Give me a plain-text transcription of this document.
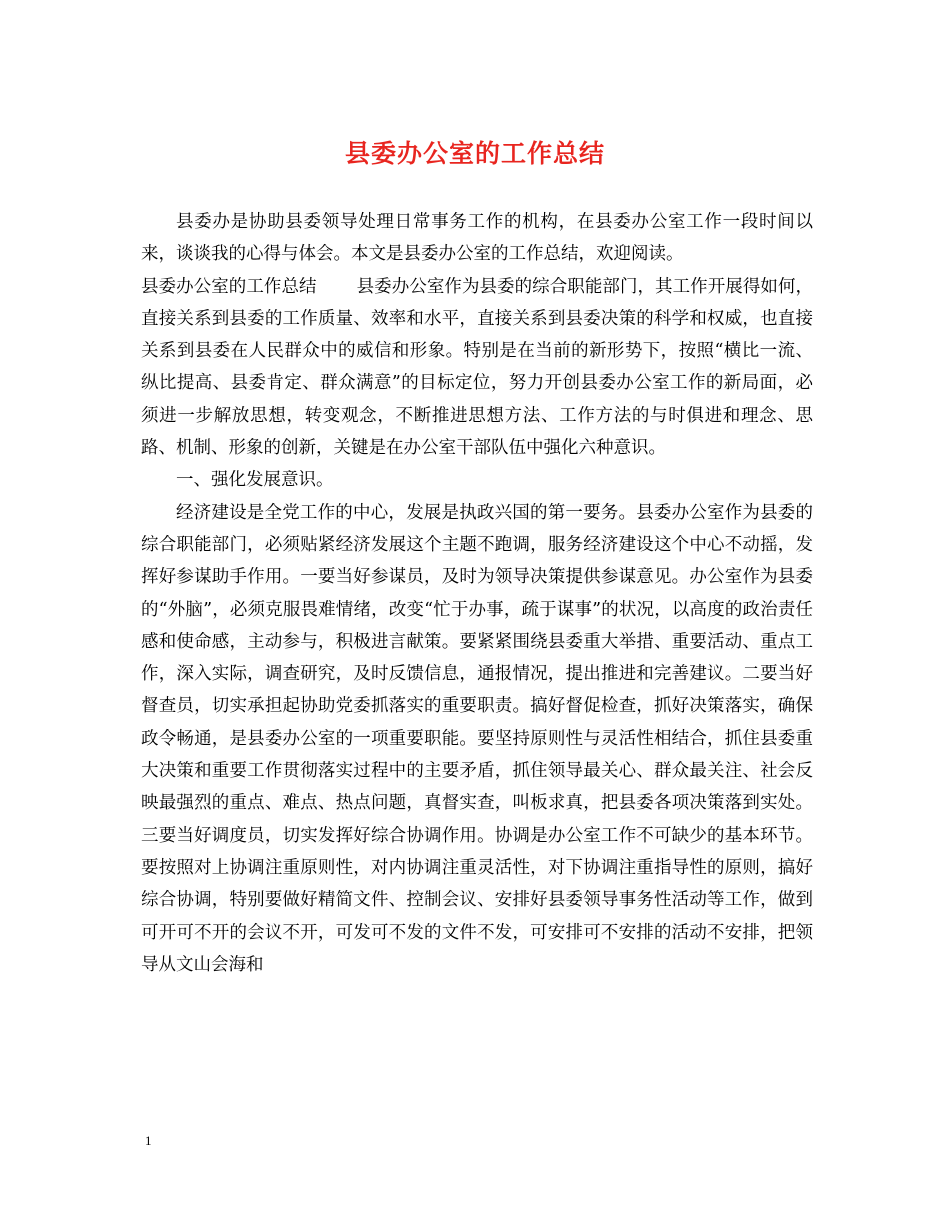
县委办公室的工作总结

县委办是协助县委领导处理日常事务工作的机构，在县委办公室工作一段时间以来，谈谈我的心得与体会。本文是县委办公室的工作总结，欢迎阅读。

县委办公室的工作总结 县委办公室作为县委的综合职能部门，其工作开展得如何，直接关系到县委的工作质量、效率和水平，直接关系到县委决策的科学和权威，也直接关系到县委在人民群众中的威信和形象。特别是在当前的新形势下，按照“横比一流、纵比提高、县委肯定、群众满意”的目标定位，努力开创县委办公室工作的新局面，必须进一步解放思想，转变观念，不断推进思想方法、工作方法的与时俱进和理念、思路、机制、形象的创新，关键是在办公室干部队伍中强化六种意识。

一、强化发展意识。

经济建设是全党工作的中心，发展是执政兴国的第一要务。县委办公室作为县委的综合职能部门，必须贴紧经济发展这个主题不跑调，服务经济建设这个中心不动摇，发挥好参谋助手作用。一要当好参谋员，及时为领导决策提供参谋意见。办公室作为县委的“外脑”，必须克服畏难情绪，改变“忙于办事，疏于谋事”的状况，以高度的政治责任感和使命感，主动参与，积极进言献策。要紧紧围绕县委重大举措、重要活动、重点工作，深入实际，调查研究，及时反馈信息，通报情况，提出推进和完善建议。二要当好督查员，切实承担起协助党委抓落实的重要职责。搞好督促检查，抓好决策落实，确保政令畅通，是县委办公室的一项重要职能。要坚持原则性与灵活性相结合，抓住县委重大决策和重要工作贯彻落实过程中的主要矛盾，抓住领导最关心、群众最关注、社会反映最强烈的重点、难点、热点问题，真督实查，叫板求真，把县委各项决策落到实处。三要当好调度员，切实发挥好综合协调作用。协调是办公室工作不可缺少的基本环节。要按照对上协调注重原则性，对内协调注重灵活性，对下协调注重指导性的原则，搞好综合协调，特别要做好精简文件、控制会议、安排好县委领导事务性活动等工作，做到可开可不开的会议不开，可发可不发的文件不发，可安排可不安排的活动不安排，把领导从文山会海和

1
